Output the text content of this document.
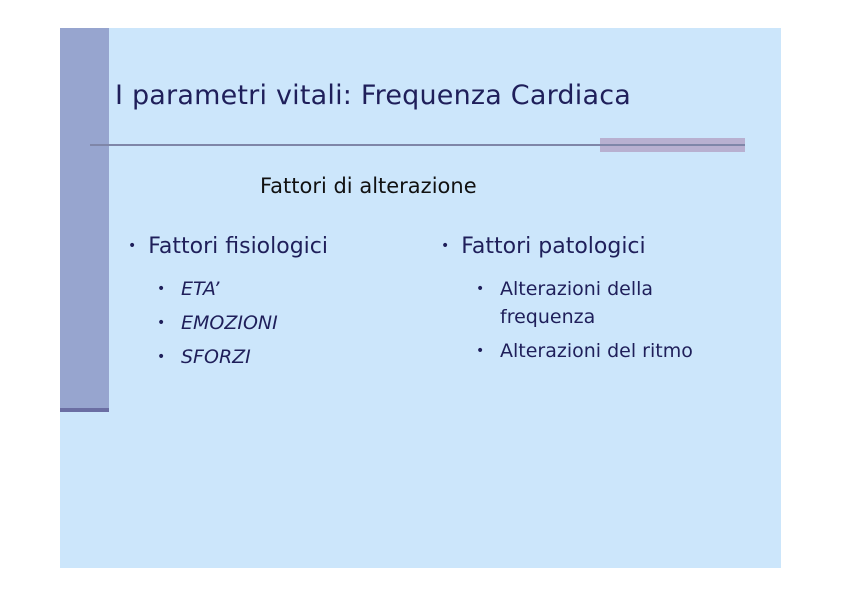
I parametri vitali: Frequenza Cardiaca
Fattori di alterazione
• Fattori fisiologici
• ETA’
• EMOZIONI
• SFORZI
• Fattori patologici
• Alterazioni della
frequenza
• Alterazioni del ritmo
